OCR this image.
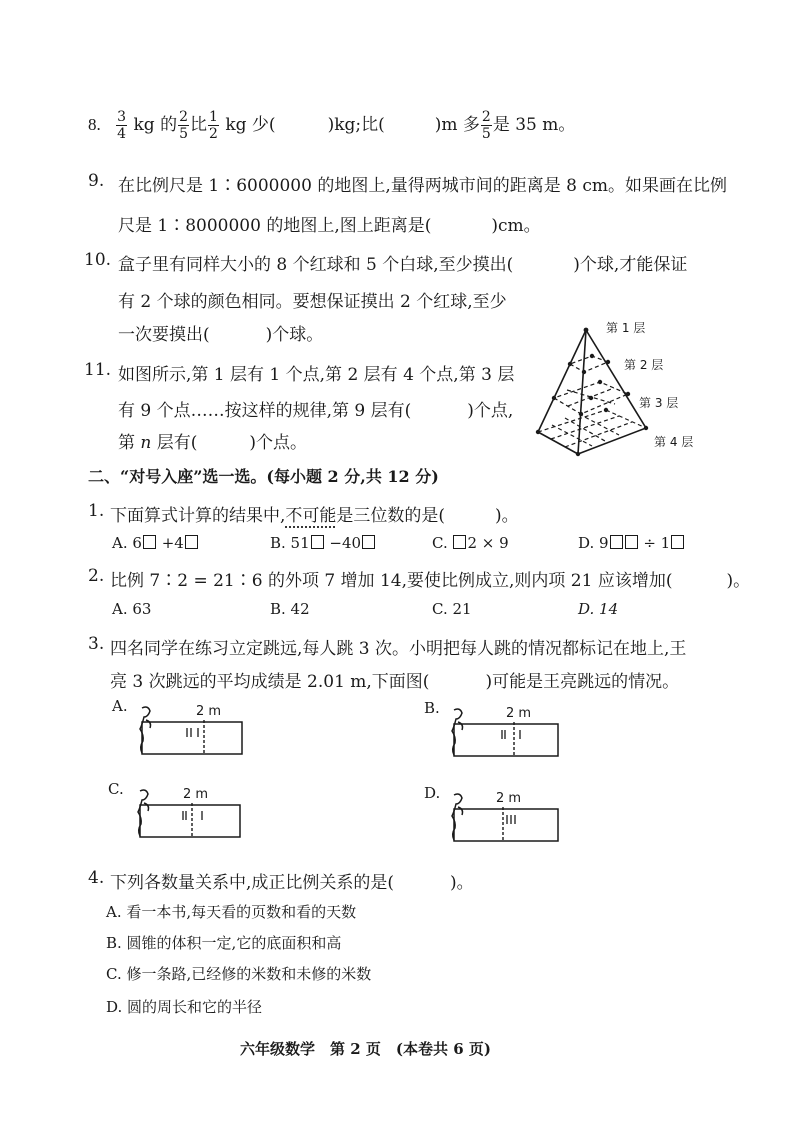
8. $\frac{3}{4}$ kg 的 $\frac{2}{5}$ 比 $\frac{1}{2}$ kg 少(	)kg;比(	)m 多 $\frac{2}{5}$ 是 35 m。
9. 在比例尺是 1∶6000000 的地图上,量得两城市间的距离是 8 cm。如果画在比例
尺是 1∶8000000 的地图上,图上距离是(	)cm。
10. 盒子里有同样大小的 8 个红球和 5 个白球,至少摸出(	)个球,才能保证
有 2 个球的颜色相同。要想保证摸出 2 个红球,至少
一次要摸出(	)个球。
11. 如图所示,第 1 层有 1 个点,第 2 层有 4 个点,第 3 层
有 9 个点……按这样的规律,第 9 层有(	)个点,
第 n 层有(	)个点。
第 1 层
第 2 层
第 3 层
第 4 层
二、“对号入座”选一选。(每小题 2 分,共 12 分)
1. 下面算式计算的结果中,不可能是三位数的是(	)。
A. 6 +4	B. 51 −40	C. 2 × 9	D. 9 ÷ 1
2. 比例 7∶2 = 21∶6 的外项 7 增加 14,要使比例成立,则内项 21 应该增加(	)。
A. 63	B. 42	C. 21	D. 14
3. 四名同学在练习立定跳远,每人跳 3 次。小明把每人跳的情况都标记在地上,王
亮 3 次跳远的平均成绩是 2.01 m,下面图(	)可能是王亮跳远的情况。
A.	2 m	B.	2 m
C.	2 m	D.	2 m
4. 下列各数量关系中,成正比例关系的是(	)。
A. 看一本书,每天看的页数和看的天数
B. 圆锥的体积一定,它的底面积和高
C. 修一条路,已经修的米数和未修的米数
D. 圆的周长和它的半径
六年级数学　第 2 页　(本卷共 6 页)
